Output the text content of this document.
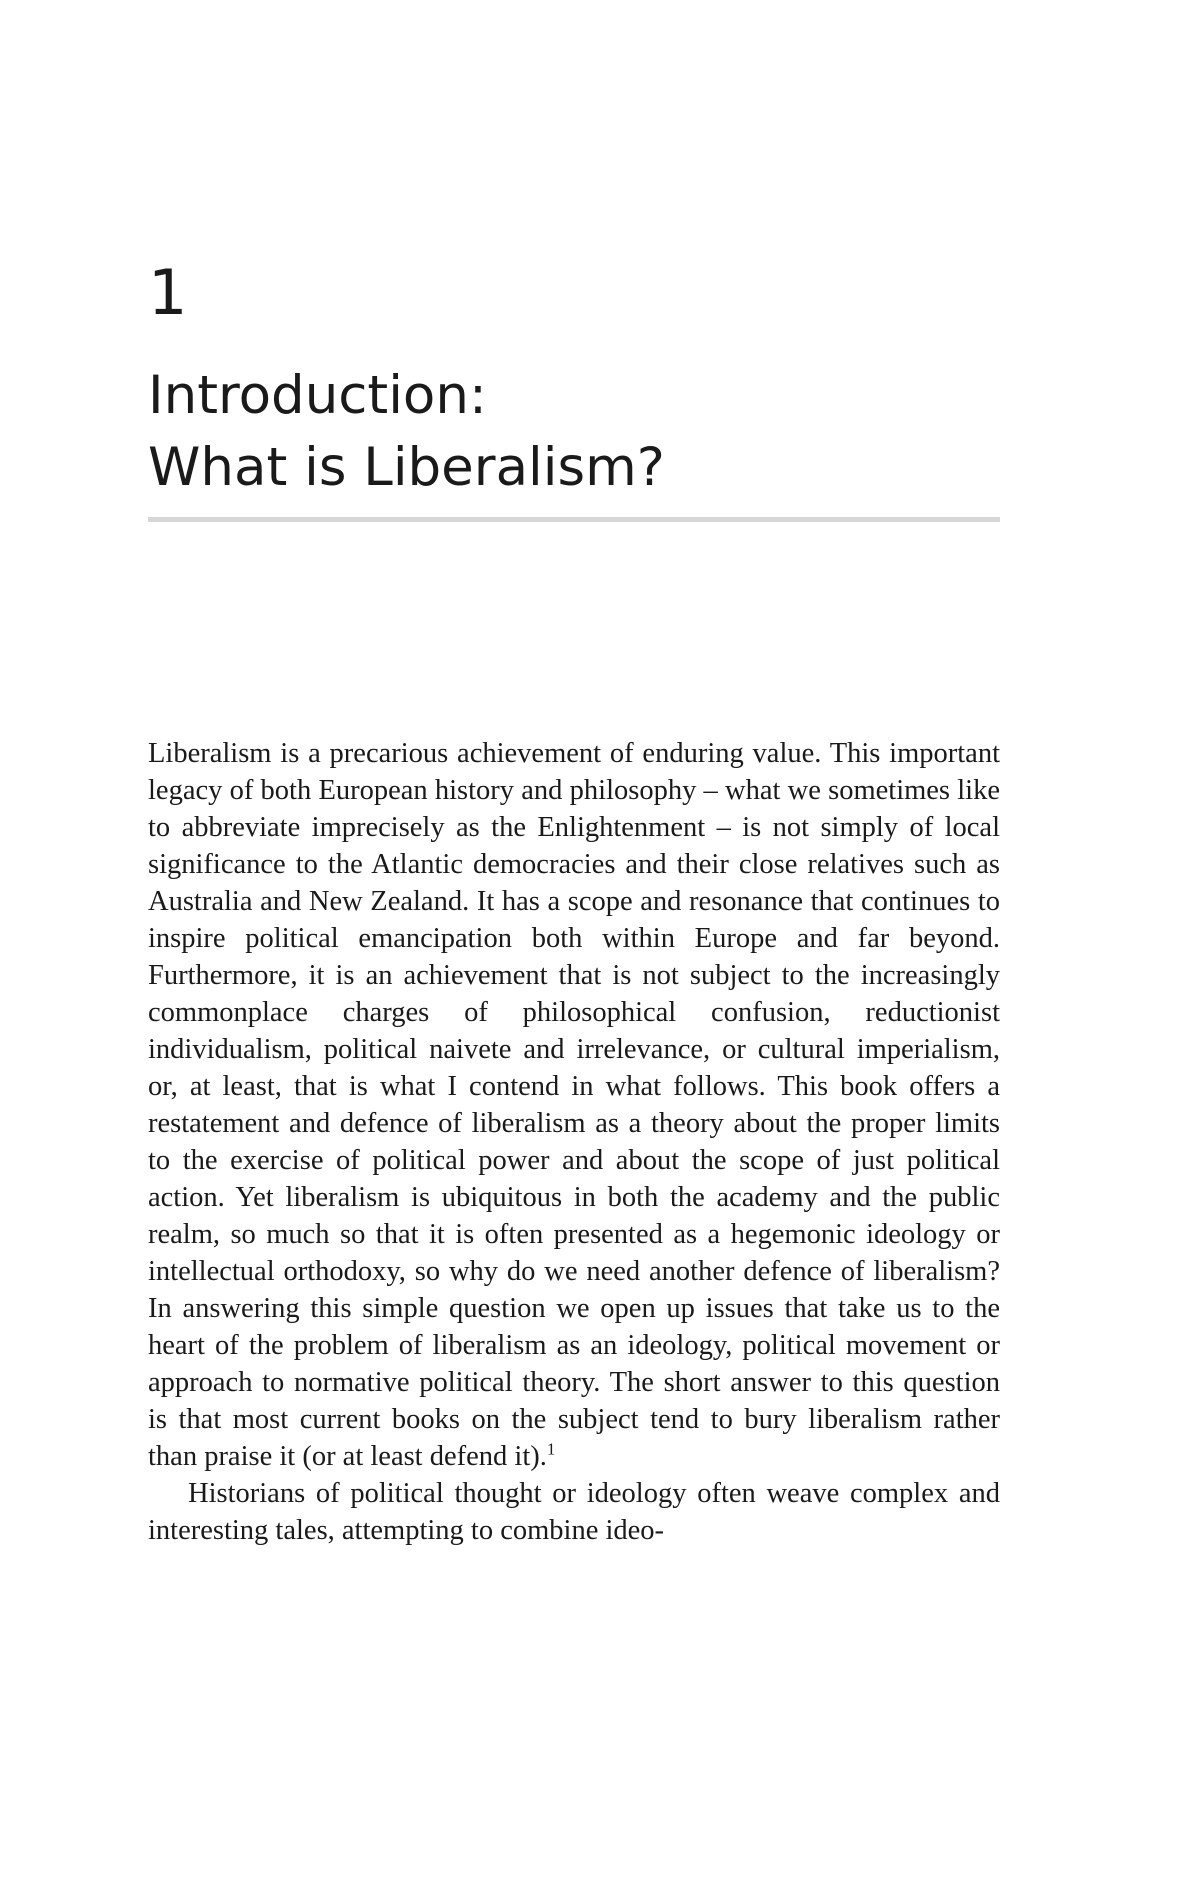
1
Introduction:
What is Liberalism?

Liberalism is a precarious achievement of enduring value. This important legacy of both European history and philosophy – what we sometimes like to abbreviate imprecisely as the Enlightenment – is not simply of local significance to the Atlantic democracies and their close relatives such as Australia and New Zealand. It has a scope and resonance that continues to inspire political emancipation both within Europe and far beyond. Furthermore, it is an achievement that is not subject to the increasingly commonplace charges of philosophical confusion, reductionist individualism, political naivete and irrelevance, or cultural imperialism, or, at least, that is what I contend in what follows. This book offers a restatement and defence of liberalism as a theory about the proper limits to the exercise of political power and about the scope of just political action. Yet liberalism is ubiquitous in both the academy and the public realm, so much so that it is often presented as a hegemonic ideology or intellectual orthodoxy, so why do we need another defence of liberalism? In answering this simple question we open up issues that take us to the heart of the problem of liberalism as an ideology, political movement or approach to normative political theory. The short answer to this question is that most current books on the subject tend to bury liberalism rather than praise it (or at least defend it).$^1$

Historians of political thought or ideology often weave complex and interesting tales, attempting to combine ideo-
